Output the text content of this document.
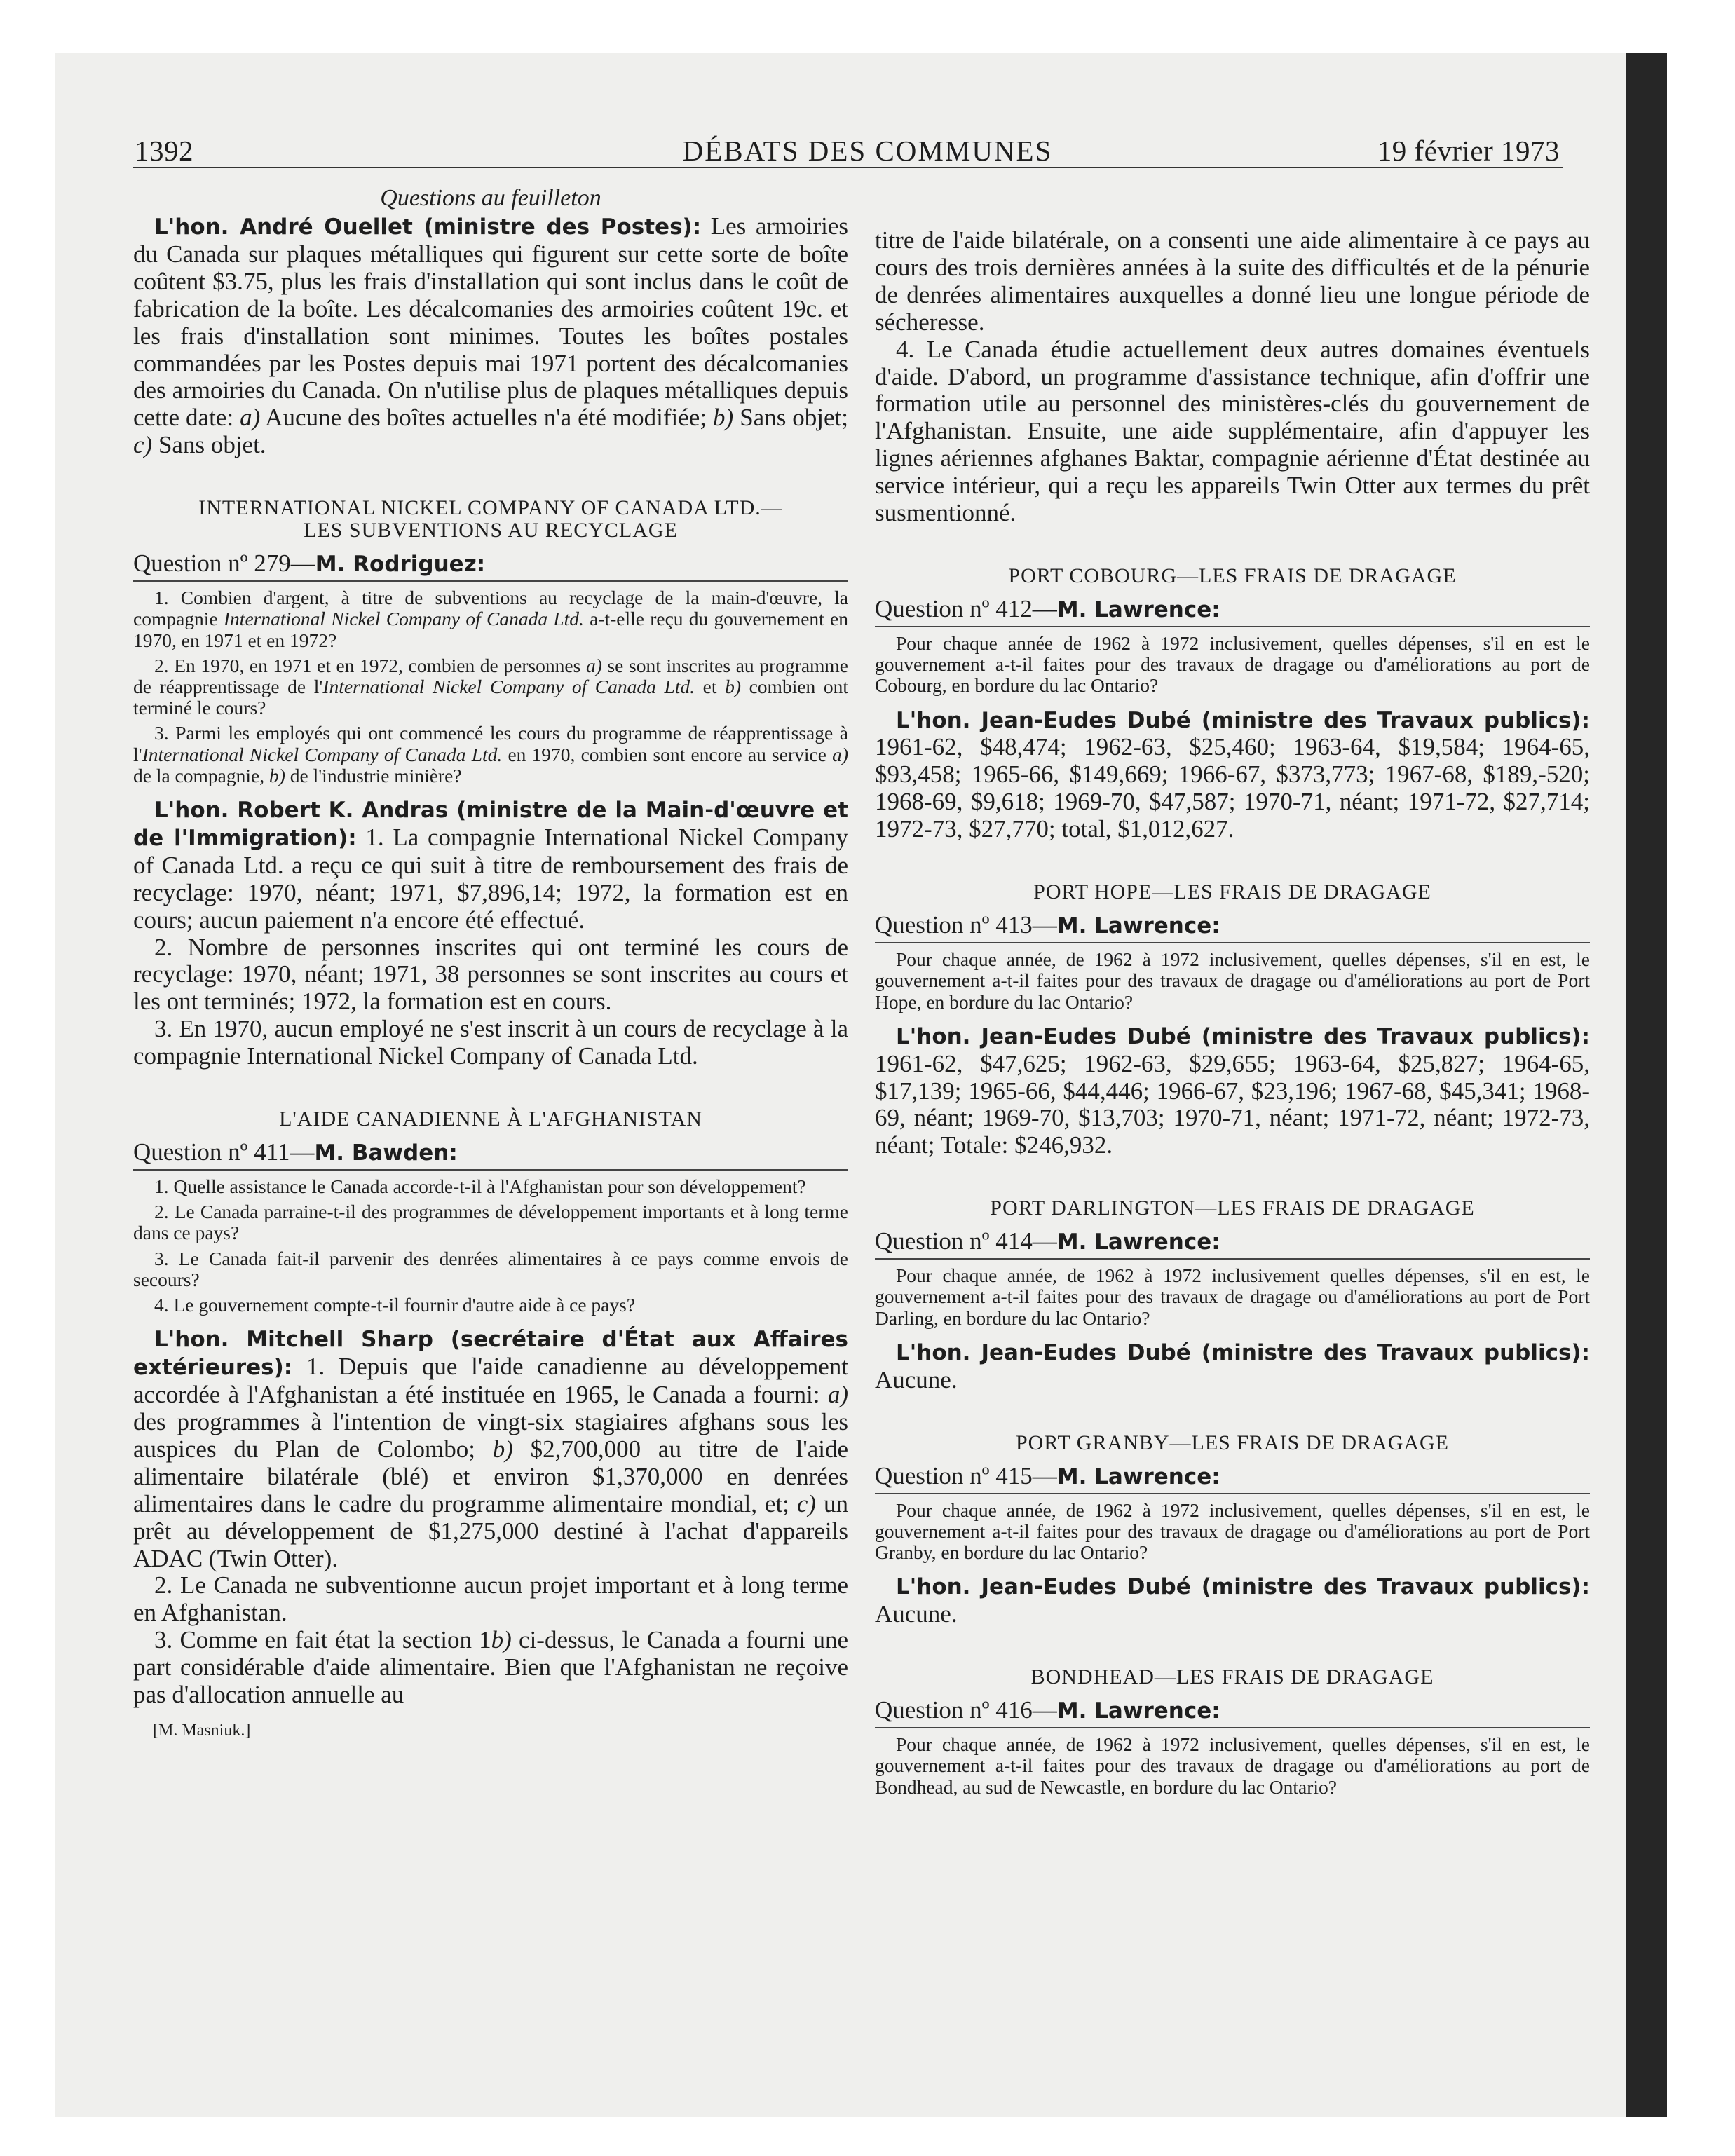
1392	DÉBATS DES COMMUNES	19 février 1973
Questions au feuilleton

L'hon. André Ouellet (ministre des Postes): Les armoiries du Canada sur plaques métalliques qui figurent sur cette sorte de boîte coûtent $3.75, plus les frais d'installation qui sont inclus dans le coût de fabrication de la boîte. Les décalcomanies des armoiries coûtent 19c. et les frais d'installation sont minimes. Toutes les boîtes postales commandées par les Postes depuis mai 1971 portent des décalcomanies des armoiries du Canada. On n'utilise plus de plaques métalliques depuis cette date: a) Aucune des boîtes actuelles n'a été modifiée; b) Sans objet; c) Sans objet.

INTERNATIONAL NICKEL COMPANY OF CANADA LTD.—
LES SUBVENTIONS AU RECYCLAGE
Question nº 279—M. Rodriguez:

1. Combien d'argent, à titre de subventions au recyclage de la main-d'œuvre, la compagnie International Nickel Company of Canada Ltd. a-t-elle reçu du gouvernement en 1970, en 1971 et en 1972?

2. En 1970, en 1971 et en 1972, combien de personnes a) se sont inscrites au programme de réapprentissage de l'International Nickel Company of Canada Ltd. et b) combien ont terminé le cours?

3. Parmi les employés qui ont commencé les cours du programme de réapprentissage à l'International Nickel Company of Canada Ltd. en 1970, combien sont encore au service a) de la compagnie, b) de l'industrie minière?

L'hon. Robert K. Andras (ministre de la Main-d'œuvre et de l'Immigration): 1. La compagnie International Nickel Company of Canada Ltd. a reçu ce qui suit à titre de remboursement des frais de recyclage: 1970, néant; 1971, $7,896,14; 1972, la formation est en cours; aucun paiement n'a encore été effectué.

2. Nombre de personnes inscrites qui ont terminé les cours de recyclage: 1970, néant; 1971, 38 personnes se sont inscrites au cours et les ont terminés; 1972, la formation est en cours.

3. En 1970, aucun employé ne s'est inscrit à un cours de recyclage à la compagnie International Nickel Company of Canada Ltd.

L'AIDE CANADIENNE À L'AFGHANISTAN
Question nº 411—M. Bawden:

1. Quelle assistance le Canada accorde-t-il à l'Afghanistan pour son développement?

2. Le Canada parraine-t-il des programmes de développement importants et à long terme dans ce pays?

3. Le Canada fait-il parvenir des denrées alimentaires à ce pays comme envois de secours?

4. Le gouvernement compte-t-il fournir d'autre aide à ce pays?

L'hon. Mitchell Sharp (secrétaire d'État aux Affaires extérieures): 1. Depuis que l'aide canadienne au développement accordée à l'Afghanistan a été instituée en 1965, le Canada a fourni: a) des programmes à l'intention de vingt-six stagiaires afghans sous les auspices du Plan de Colombo; b) $2,700,000 au titre de l'aide alimentaire bilatérale (blé) et environ $1,370,000 en denrées alimentaires dans le cadre du programme alimentaire mondial, et; c) un prêt au développement de $1,275,000 destiné à l'achat d'appareils ADAC (Twin Otter).

2. Le Canada ne subventionne aucun projet important et à long terme en Afghanistan.

3. Comme en fait état la section 1b) ci-dessus, le Canada a fourni une part considérable d'aide alimentaire. Bien que l'Afghanistan ne reçoive pas d'allocation annuelle au

[M. Masniuk.]

titre de l'aide bilatérale, on a consenti une aide alimentaire à ce pays au cours des trois dernières années à la suite des difficultés et de la pénurie de denrées alimentaires auxquelles a donné lieu une longue période de sécheresse.

4. Le Canada étudie actuellement deux autres domaines éventuels d'aide. D'abord, un programme d'assistance technique, afin d'offrir une formation utile au personnel des ministères-clés du gouvernement de l'Afghanistan. Ensuite, une aide supplémentaire, afin d'appuyer les lignes aériennes afghanes Baktar, compagnie aérienne d'État destinée au service intérieur, qui a reçu les appareils Twin Otter aux termes du prêt susmentionné.

PORT COBOURG—LES FRAIS DE DRAGAGE
Question nº 412—M. Lawrence:

Pour chaque année de 1962 à 1972 inclusivement, quelles dépenses, s'il en est le gouvernement a-t-il faites pour des travaux de dragage ou d'améliorations au port de Cobourg, en bordure du lac Ontario?

L'hon. Jean-Eudes Dubé (ministre des Travaux publics): 1961-62, $48,474; 1962-63, $25,460; 1963-64, $19,584; 1964-65, $93,458; 1965-66, $149,669; 1966-67, $373,773; 1967-68, $189,-520; 1968-69, $9,618; 1969-70, $47,587; 1970-71, néant; 1971-72, $27,714; 1972-73, $27,770; total, $1,012,627.

PORT HOPE—LES FRAIS DE DRAGAGE
Question nº 413—M. Lawrence:

Pour chaque année, de 1962 à 1972 inclusivement, quelles dépenses, s'il en est, le gouvernement a-t-il faites pour des travaux de dragage ou d'améliorations au port de Port Hope, en bordure du lac Ontario?

L'hon. Jean-Eudes Dubé (ministre des Travaux publics): 1961-62, $47,625; 1962-63, $29,655; 1963-64, $25,827; 1964-65, $17,139; 1965-66, $44,446; 1966-67, $23,196; 1967-68, $45,341; 1968-69, néant; 1969-70, $13,703; 1970-71, néant; 1971-72, néant; 1972-73, néant; Totale: $246,932.

PORT DARLINGTON—LES FRAIS DE DRAGAGE
Question nº 414—M. Lawrence:

Pour chaque année, de 1962 à 1972 inclusivement quelles dépenses, s'il en est, le gouvernement a-t-il faites pour des travaux de dragage ou d'améliorations au port de Port Darling, en bordure du lac Ontario?

L'hon. Jean-Eudes Dubé (ministre des Travaux publics): Aucune.

PORT GRANBY—LES FRAIS DE DRAGAGE
Question nº 415—M. Lawrence:

Pour chaque année, de 1962 à 1972 inclusivement, quelles dépenses, s'il en est, le gouvernement a-t-il faites pour des travaux de dragage ou d'améliorations au port de Port Granby, en bordure du lac Ontario?

L'hon. Jean-Eudes Dubé (ministre des Travaux publics): Aucune.

BONDHEAD—LES FRAIS DE DRAGAGE
Question nº 416—M. Lawrence:

Pour chaque année, de 1962 à 1972 inclusivement, quelles dépenses, s'il en est, le gouvernement a-t-il faites pour des travaux de dragage ou d'améliorations au port de Bondhead, au sud de Newcastle, en bordure du lac Ontario?
